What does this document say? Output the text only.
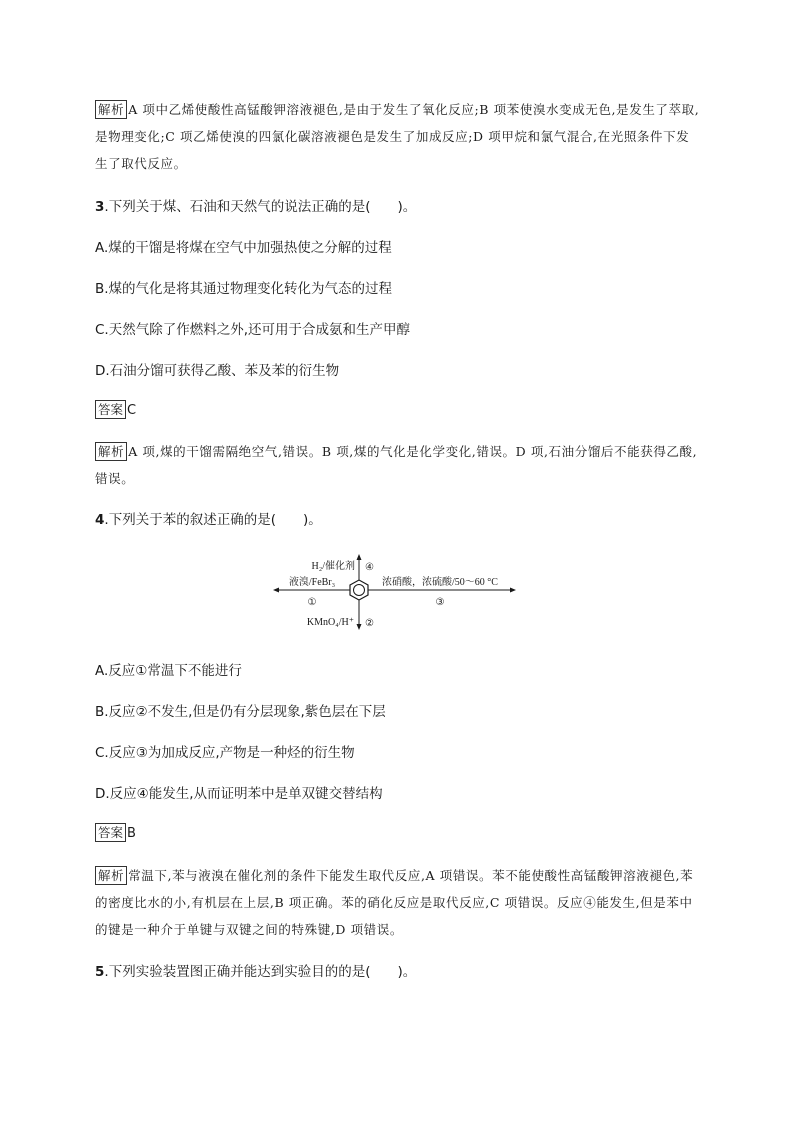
解析 A 项中乙烯使酸性高锰酸钾溶液褪色,是由于发生了氧化反应;B 项苯使溴水变成无色,是发生了萃取,是物理变化;C 项乙烯使溴的四氯化碳溶液褪色是发生了加成反应;D 项甲烷和氯气混合,在光照条件下发生了取代反应。
3.下列关于煤、石油和天然气的说法正确的是(　　)。
A.煤的干馏是将煤在空气中加强热使之分解的过程
B.煤的气化是将其通过物理变化转化为气态的过程
C.天然气除了作燃料之外,还可用于合成氨和生产甲醇
D.石油分馏可获得乙酸、苯及苯的衍生物
答案 C
解析 A 项,煤的干馏需隔绝空气,错误。B 项,煤的气化是化学变化,错误。D 项,石油分馏后不能获得乙酸,错误。
4.下列关于苯的叙述正确的是(　　)。
H₂/催化剂 ④
液溴/FeBr₃
①
浓硝酸，浓硫酸/50～60 °C
③
KMnO₄/H⁺ ②
A.反应①常温下不能进行
B.反应②不发生,但是仍有分层现象,紫色层在下层
C.反应③为加成反应,产物是一种烃的衍生物
D.反应④能发生,从而证明苯中是单双键交替结构
答案 B
解析 常温下,苯与液溴在催化剂的条件下能发生取代反应,A 项错误。苯不能使酸性高锰酸钾溶液褪色,苯的密度比水的小,有机层在上层,B 项正确。苯的硝化反应是取代反应,C 项错误。反应④能发生,但是苯中的键是一种介于单键与双键之间的特殊键,D 项错误。
5.下列实验装置图正确并能达到实验目的的是(　　)。
